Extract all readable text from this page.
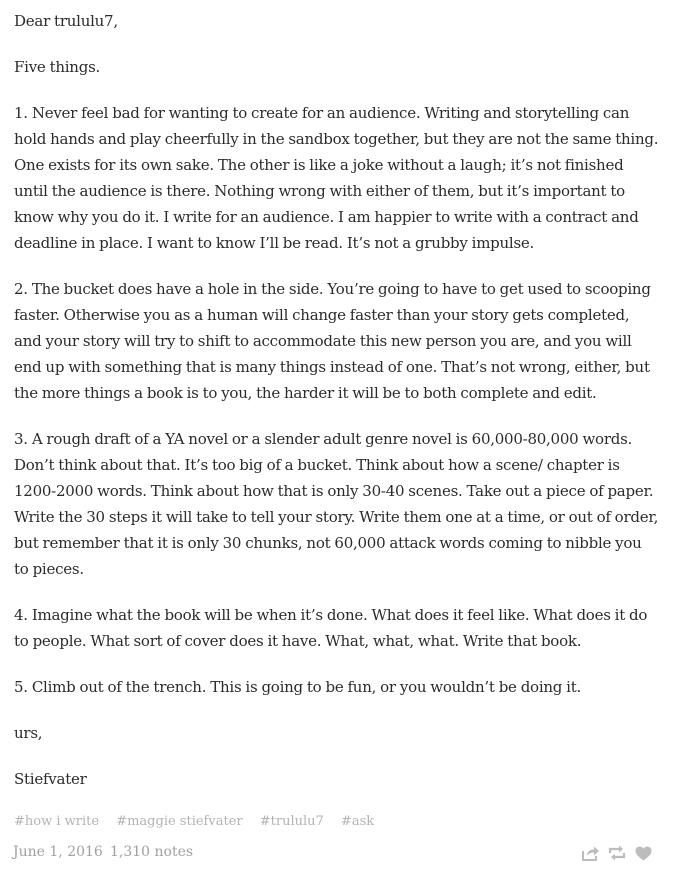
Dear trululu7,

Five things.

1. Never feel bad for wanting to create for an audience. Writing and storytelling can hold hands and play cheerfully in the sandbox together, but they are not the same thing. One exists for its own sake. The other is like a joke without a laugh; it’s not finished until the audience is there. Nothing wrong with either of them, but it’s important to know why you do it. I write for an audience. I am happier to write with a contract and deadline in place. I want to know I’ll be read. It’s not a grubby impulse.

2. The bucket does have a hole in the side. You’re going to have to get used to scooping faster. Otherwise you as a human will change faster than your story gets completed, and your story will try to shift to accommodate this new person you are, and you will end up with something that is many things instead of one. That’s not wrong, either, but the more things a book is to you, the harder it will be to both complete and edit.

3. A rough draft of a YA novel or a slender adult genre novel is 60,000-80,000 words. Don’t think about that. It’s too big of a bucket. Think about how a scene/ chapter is 1200-2000 words. Think about how that is only 30-40 scenes. Take out a piece of paper. Write the 30 steps it will take to tell your story. Write them one at a time, or out of order, but remember that it is only 30 chunks, not 60,000 attack words coming to nibble you to pieces.

4. Imagine what the book will be when it’s done. What does it feel like. What does it do to people. What sort of cover does it have. What, what, what. Write that book.

5. Climb out of the trench. This is going to be fun, or you wouldn’t be doing it.

urs,

Stiefvater

#how i write #maggie stiefvater #trululu7 #ask
June 1, 2016 1,310 notes
